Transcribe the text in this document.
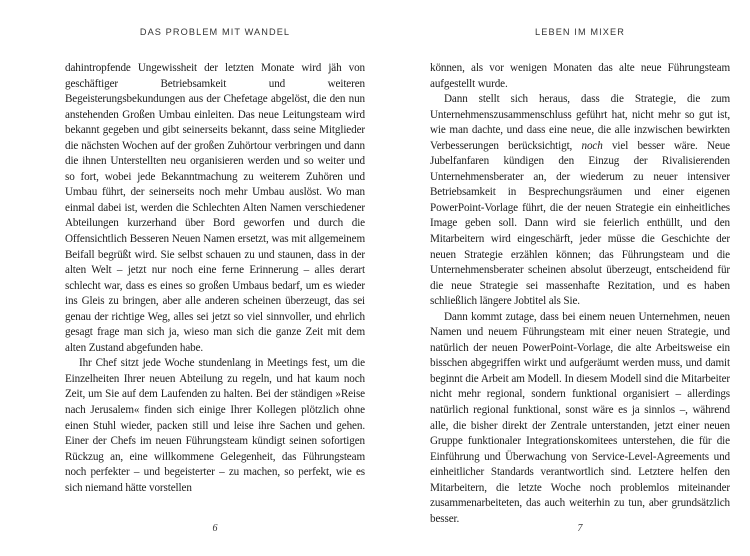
DAS PROBLEM MIT WANDEL

dahintropfende Ungewissheit der letzten Monate wird jäh von geschäftiger Betriebsamkeit und weiteren Begeisterungsbekundungen aus der Chefetage abgelöst, die den nun anstehenden Großen Umbau einleiten. Das neue Leitungsteam wird bekannt gegeben und gibt seinerseits bekannt, dass seine Mitglieder die nächsten Wochen auf der großen Zuhörtour verbringen und dann die ihnen Unterstellten neu organisieren werden und so weiter und so fort, wobei jede Bekanntmachung zu weiterem Zuhören und Umbau führt, der seinerseits noch mehr Umbau auslöst. Wo man einmal dabei ist, werden die Schlechten Alten Namen verschiedener Abteilungen kurzerhand über Bord geworfen und durch die Offensichtlich Besseren Neuen Namen ersetzt, was mit allgemeinem Beifall begrüßt wird. Sie selbst schauen zu und staunen, dass in der alten Welt – jetzt nur noch eine ferne Erinnerung – alles derart schlecht war, dass es eines so großen Umbaus bedarf, um es wieder ins Gleis zu bringen, aber alle anderen scheinen überzeugt, das sei genau der richtige Weg, alles sei jetzt so viel sinnvoller, und ehrlich gesagt frage man sich ja, wieso man sich die ganze Zeit mit dem alten Zustand abgefunden habe.

Ihr Chef sitzt jede Woche stundenlang in Meetings fest, um die Einzelheiten Ihrer neuen Abteilung zu regeln, und hat kaum noch Zeit, um Sie auf dem Laufenden zu halten. Bei der ständigen »Reise nach Jerusalem« finden sich einige Ihrer Kollegen plötzlich ohne einen Stuhl wieder, packen still und leise ihre Sachen und gehen. Einer der Chefs im neuen Führungsteam kündigt seinen sofortigen Rückzug an, eine willkommene Gelegenheit, das Führungsteam noch perfekter – und begeisterter – zu machen, so perfekt, wie es sich niemand hätte vorstellen

6
LEBEN IM MIXER

können, als vor wenigen Monaten das alte neue Führungsteam aufgestellt wurde.

Dann stellt sich heraus, dass die Strategie, die zum Unternehmenszusammenschluss geführt hat, nicht mehr so gut ist, wie man dachte, und dass eine neue, die alle inzwischen bewirkten Verbesserungen berücksichtigt, noch viel besser wäre. Neue Jubelfanfaren kündigen den Einzug der Rivalisierenden Unternehmensberater an, der wiederum zu neuer intensiver Betriebsamkeit in Besprechungsräumen und einer eigenen PowerPoint-Vorlage führt, die der neuen Strategie ein einheitliches Image geben soll. Dann wird sie feierlich enthüllt, und den Mitarbeitern wird eingeschärft, jeder müsse die Geschichte der neuen Strategie erzählen können; das Führungsteam und die Unternehmensberater scheinen absolut überzeugt, entscheidend für die neue Strategie sei massenhafte Rezitation, und es haben schließlich längere Jobtitel als Sie.

Dann kommt zutage, dass bei einem neuen Unternehmen, neuen Namen und neuem Führungsteam mit einer neuen Strategie, und natürlich der neuen PowerPoint-Vorlage, die alte Arbeitsweise ein bisschen abgegriffen wirkt und aufgeräumt werden muss, und damit beginnt die Arbeit am Modell. In diesem Modell sind die Mitarbeiter nicht mehr regional, sondern funktional organisiert – allerdings natürlich regional funktional, sonst wäre es ja sinnlos –, während alle, die bisher direkt der Zentrale unterstanden, jetzt einer neuen Gruppe funktionaler Integrationskomitees unterstehen, die für die Einführung und Überwachung von Service-Level-Agreements und einheitlicher Standards verantwortlich sind. Letztere helfen den Mitarbeitern, die letzte Woche noch problemlos miteinander zusammenarbeiteten, das auch weiterhin zu tun, aber grundsätzlich besser.

7
